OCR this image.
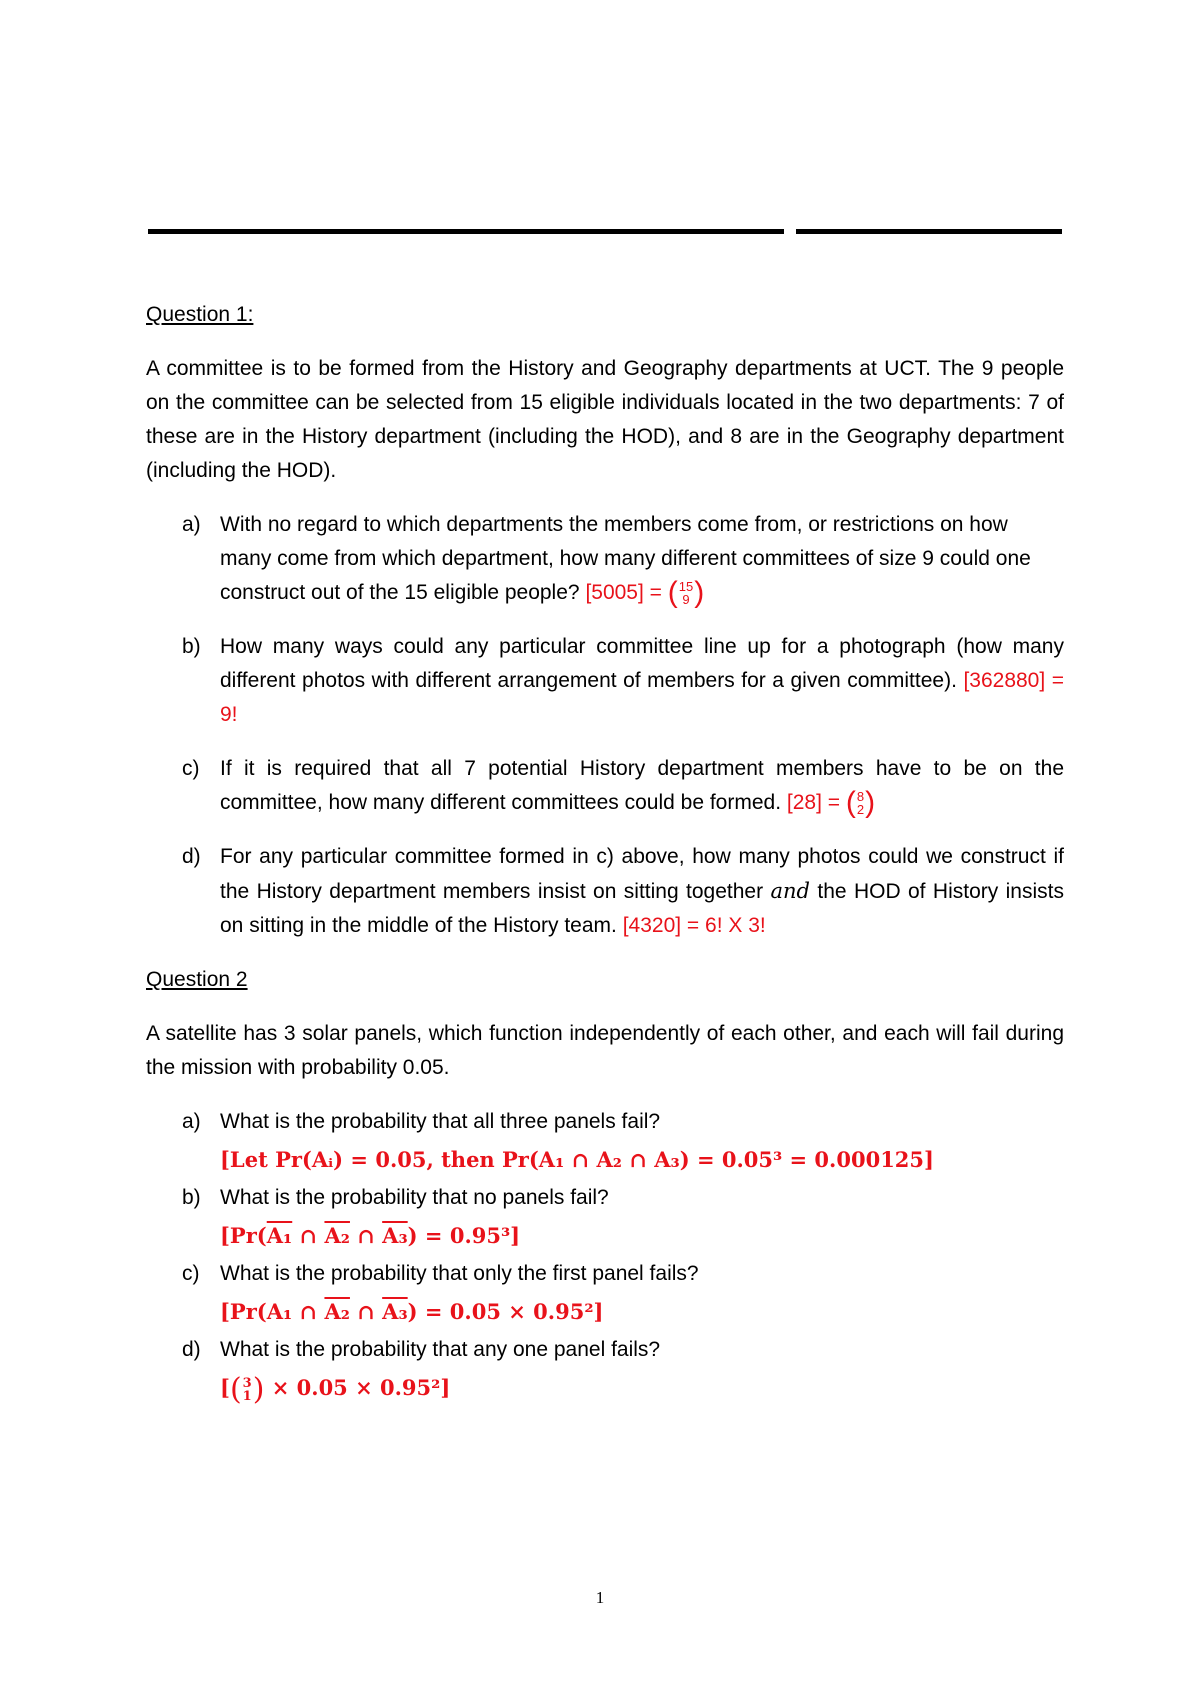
Question 1:

A committee is to be formed from the History and Geography departments at UCT. The 9 people on the committee can be selected from 15 eligible individuals located in the two departments: 7 of these are in the History department (including the HOD), and 8 are in the Geography department (including the HOD).

a) With no regard to which departments the members come from, or restrictions on how many come from which department, how many different committees of size 9 could one construct out of the 15 eligible people? [5005] = ( 15
9 )
b) How many ways could any particular committee line up for a photograph (how many different photos with different arrangement of members for a given committee). [362880] = 9!
c) If it is required that all 7 potential History department members have to be on the committee, how many different committees could be formed. [28] = ( 8
2 )
d) For any particular committee formed in c) above, how many photos could we construct if the History department members insist on sitting together and the HOD of History insists on sitting in the middle of the History team. [4320] = 6! X 3!
Question 2

A satellite has 3 solar panels, which function independently of each other, and each will fail during the mission with probability 0.05.

a) What is the probability that all three panels fail?
[Let Pr(Aᵢ) = 0.05, then Pr(A₁ ∩ A₂ ∩ A₃) = 0.05³ = 0.000125]
b) What is the probability that no panels fail?
[Pr(A₁ ∩ A₂ ∩ A₃) = 0.95³]
c) What is the probability that only the first panel fails?
[Pr(A₁ ∩ A₂ ∩ A₃) = 0.05 × 0.95²]
d) What is the probability that any one panel fails?
[ ( 3
1 ) × 0.05 × 0.95²]
1
